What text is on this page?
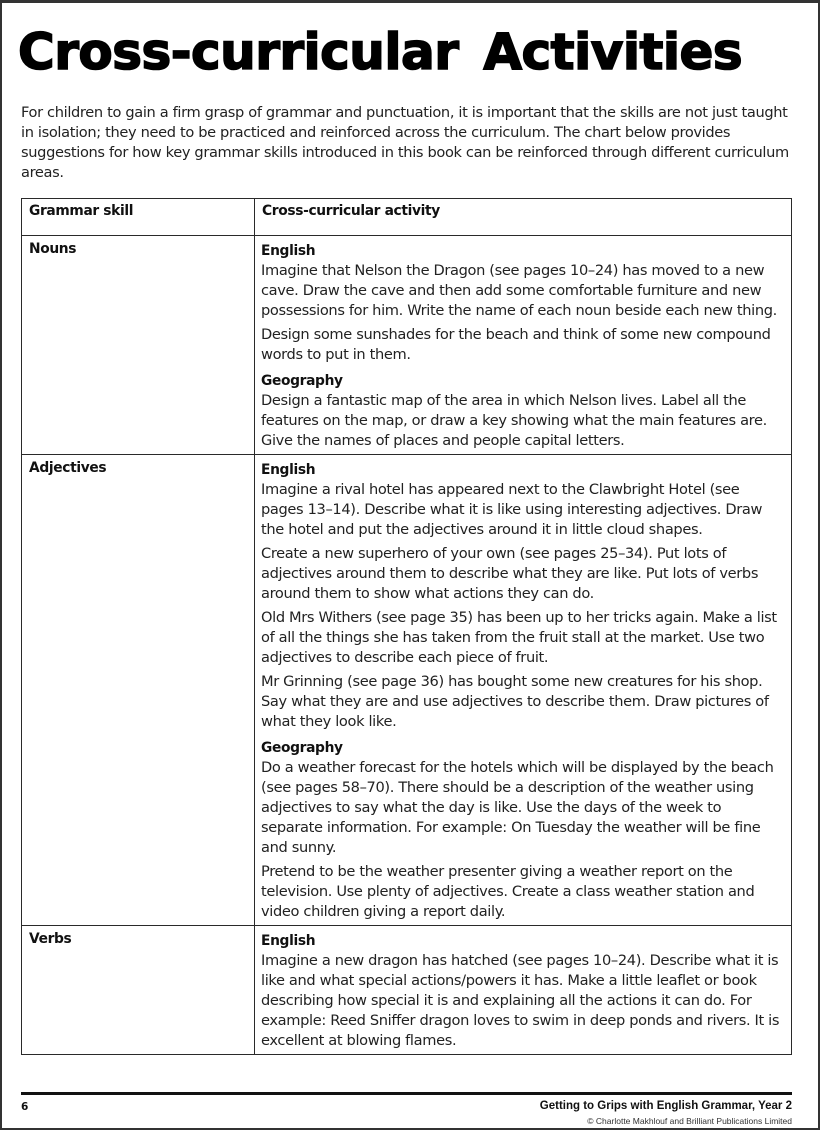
Cross-curricular Activities

For children to gain a firm grasp of grammar and punctuation, it is important that the skills are not just taught in isolation; they need to be practiced and reinforced across the curriculum. The chart below provides suggestions for how key grammar skills introduced in this book can be reinforced through different curriculum areas.

Grammar skill	Cross-curricular activity
Nouns	English
Imagine that Nelson the Dragon (see pages 10–24) has moved to a new cave. Draw the cave and then add some comfortable furniture and new possessions for him. Write the name of each noun beside each new thing.
Design some sunshades for the beach and think of some new compound words to put in them.
Geography
Design a fantastic map of the area in which Nelson lives. Label all the features on the map, or draw a key showing what the main features are. Give the names of places and people capital letters.

Adjectives	English
Imagine a rival hotel has appeared next to the Clawbright Hotel (see pages 13–14). Describe what it is like using interesting adjectives. Draw the hotel and put the adjectives around it in little cloud shapes.
Create a new superhero of your own (see pages 25–34). Put lots of adjectives around them to describe what they are like. Put lots of verbs around them to show what actions they can do.
Old Mrs Withers (see page 35) has been up to her tricks again. Make a list of all the things she has taken from the fruit stall at the market. Use two adjectives to describe each piece of fruit.
Mr Grinning (see page 36) has bought some new creatures for his shop. Say what they are and use adjectives to describe them. Draw pictures of what they look like.
Geography
Do a weather forecast for the hotels which will be displayed by the beach (see pages 58–70). There should be a description of the weather using adjectives to say what the day is like. Use the days of the week to separate information. For example: On Tuesday the weather will be fine and sunny.
Pretend to be the weather presenter giving a weather report on the television. Use plenty of adjectives. Create a class weather station and video children giving a report daily.

Verbs	English
Imagine a new dragon has hatched (see pages 10–24). Describe what it is like and what special actions/powers it has. Make a little leaflet or book describing how special it is and explaining all the actions it can do. For example: Reed Sniffer dragon loves to swim in deep ponds and rivers. It is excellent at blowing flames.
6	Getting to Grips with English Grammar, Year 2
© Charlotte Makhlouf and Brilliant Publications Limited
